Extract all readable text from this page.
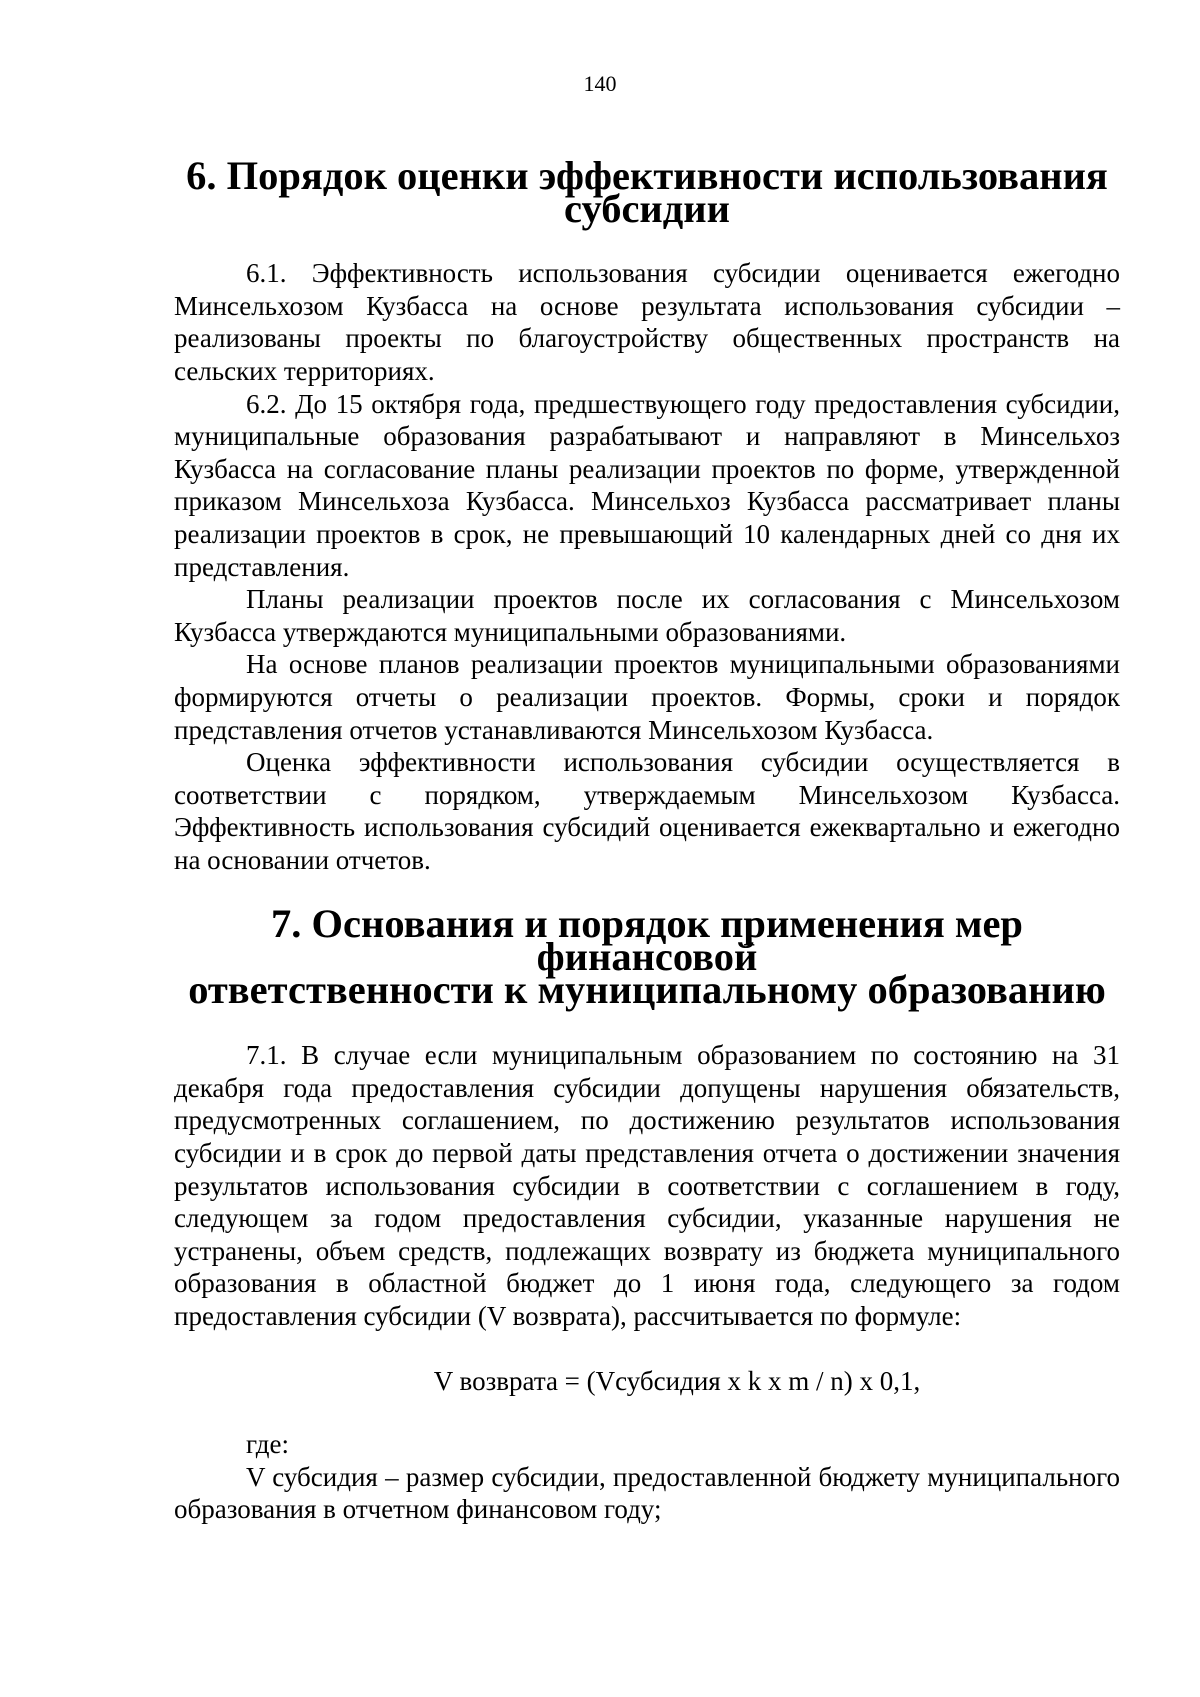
140
6. Порядок оценки эффективности использования субсидии

6.1. Эффективность использования субсидии оценивается ежегодно Минсельхозом Кузбасса на основе результата использования субсидии – реализованы проекты по благоустройству общественных пространств на сельских территориях.

6.2. До 15 октября года, предшествующего году предоставления субсидии, муниципальные образования разрабатывают и направляют в Минсельхоз Кузбасса на согласование планы реализации проектов по форме, утвержденной приказом Минсельхоза Кузбасса. Минсельхоз Кузбасса рассматривает планы реализации проектов в срок, не превышающий 10 календарных дней со дня их представления.

Планы реализации проектов после их согласования с Минсельхозом Кузбасса утверждаются муниципальными образованиями.

На основе планов реализации проектов муниципальными образованиями формируются отчеты о реализации проектов. Формы, сроки и порядок представления отчетов устанавливаются Минсельхозом Кузбасса.

Оценка эффективности использования субсидии осуществляется в соответствии с порядком, утверждаемым Минсельхозом Кузбасса. Эффективность использования субсидий оценивается ежеквартально и ежегодно на основании отчетов.

7. Основания и порядок применения мер финансовой
ответственности к муниципальному образованию

7.1. В случае если муниципальным образованием по состоянию на 31 декабря года предоставления субсидии допущены нарушения обязательств, предусмотренных соглашением, по достижению результатов использования субсидии и в срок до первой даты представления отчета о достижении значения результатов использования субсидии в соответствии с соглашением в году, следующем за годом предоставления субсидии, указанные нарушения не устранены, объем средств, подлежащих возврату из бюджета муниципального образования в областной бюджет до 1 июня года, следующего за годом предоставления субсидии (V возврата), рассчитывается по формуле:

V возврата = (Vсубсидия x k x m / n) x 0,1,

где:

V субсидия – размер субсидии, предоставленной бюджету муниципального образования в отчетном финансовом году;
